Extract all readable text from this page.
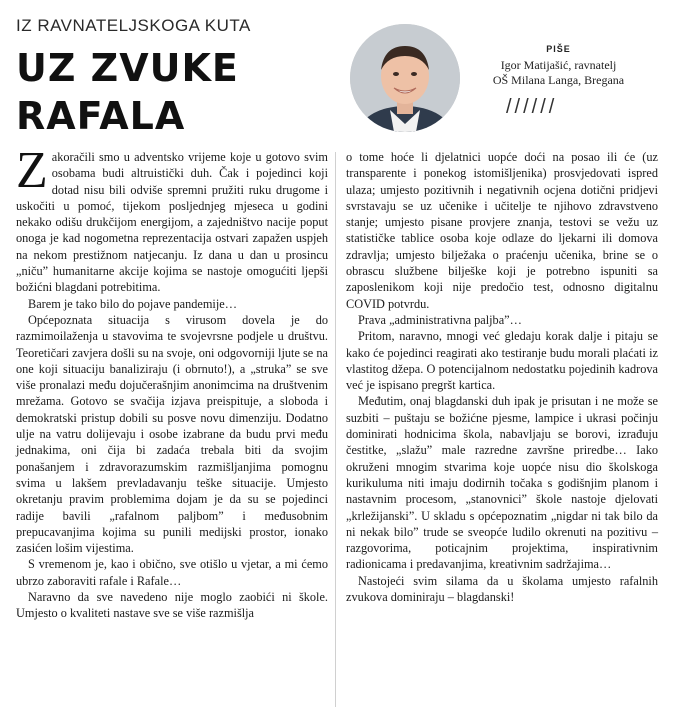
IZ RAVNATELJSKOGA KUTA
UZ ZVUKE
RAFALA
PIŠE
Igor Matijašić, ravnatelj
OŠ Milana Langa, Bregana
//////

Zakoračili smo u adventsko vrijeme koje u gotovo svim osobama budi altruistički duh. Čak i pojedinci koji dotad nisu bili odviše spremni pružiti ruku drugome i uskočiti u pomoć, tijekom posljednjeg mjeseca u godini nekako odišu drukčijom energijom, a zajedništvo nacije poput onoga je kad nogometna reprezentacija ostvari zapažen uspjeh na nekom prestižnom natjecanju. Iz dana u dan u prosincu „niču” humanitarne akcije kojima se nastoje omogućiti ljepši božićni blagdani potrebitima.

Barem je tako bilo do pojave pandemije…

Općepoznata situacija s virusom dovela je do razmimoilaženja u stavovima te svojevrsne podjele u društvu. Teoretičari zavjera došli su na svoje, oni odgovorniji ljute se na one koji situaciju banaliziraju (i obrnuto!), a „struka” se sve više pronalazi među dojučerašnjim anonimcima na društvenim mrežama. Gotovo se svačija izjava preispituje, a sloboda i demokratski pristup dobili su posve novu dimenziju. Dodatno ulje na vatru dolijevaju i osobe izabrane da budu prvi među jednakima, oni čija bi zadaća trebala biti da svojim ponašanjem i zdravorazumskim razmišljanjima pomognu svima u lakšem prevladavanju teške situacije. Umjesto okretanju pravim problemima dojam je da su se pojedinci radije bavili „rafalnom paljbom” i međusobnim prepucavanjima kojima su punili medijski prostor, ionako zasićen lošim vijestima.

S vremenom je, kao i obično, sve otišlo u vjetar, a mi ćemo ubrzo zaboraviti rafale i Rafale…

Naravno da sve navedeno nije moglo zaobići ni škole. Umjesto o kvaliteti nastave sve se više razmišlja

o tome hoće li djelatnici uopće doći na posao ili će (uz transparente i ponekog istomišljenika) prosvjedovati ispred ulaza; umjesto pozitivnih i negativnih ocjena dotični pridjevi svrstavaju se uz učenike i učitelje te njihovo zdravstveno stanje; umjesto pisane provjere znanja, testovi se vežu uz statističke tablice osoba koje odlaze do ljekarni ili domova zdravlja; umjesto bilježaka o praćenju učenika, brine se o obrascu službene bilješke koji je potrebno ispuniti sa zaposlenikom koji nije predočio test, odnosno digitalnu COVID potvrdu.

Prava „administrativna paljba”…

Pritom, naravno, mnogi već gledaju korak dalje i pitaju se kako će pojedinci reagirati ako testiranje budu morali plaćati iz vlastitog džepa. O potencijalnom nedostatku pojedinih kadrova već je ispisano pregršt kartica.

Međutim, onaj blagdanski duh ipak je prisutan i ne može se suzbiti – puštaju se božićne pjesme, lampice i ukrasi počinju dominirati hodnicima škola, nabavljaju se borovi, izrađuju čestitke, „slažu” male razredne završne priredbe… Iako okruženi mnogim stvarima koje uopće nisu dio školskoga kurikuluma niti imaju dodirnih točaka s godišnjim planom i nastavnim procesom, „stanovnici” škole nastoje djelovati „krležijanski”. U skladu s općepoznatim „nigdar ni tak bilo da ni nekak bilo” trude se sveopće ludilo okrenuti na pozitivu – razgovorima, poticajnim projektima, inspirativnim radionicama i predavanjima, kreativnim sadržajima…

Nastojeći svim silama da u školama umjesto rafalnih zvukova dominiraju – blagdanski!
